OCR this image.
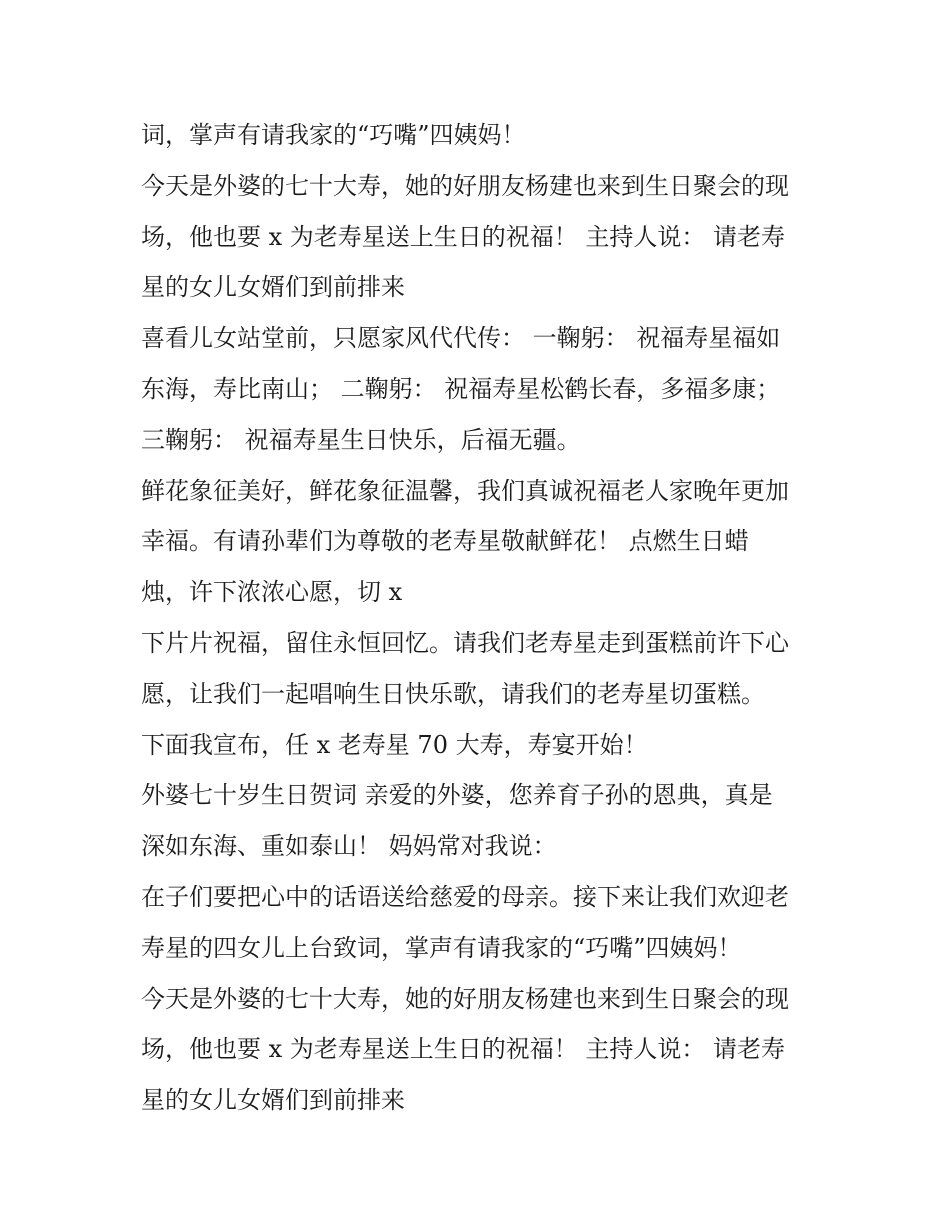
词，掌声有请我家的“巧嘴”四姨妈！
今天是外婆的七十大寿，她的好朋友杨建也来到生日聚会的现
场，他也要 x 为老寿星送上生日的祝福！ 主持人说： 请老寿
星的女儿女婿们到前排来
喜看儿女站堂前，只愿家风代代传： 一鞠躬： 祝福寿星福如
东海，寿比南山； 二鞠躬： 祝福寿星松鹤长春，多福多康；
三鞠躬： 祝福寿星生日快乐，后福无疆。
鲜花象征美好，鲜花象征温馨，我们真诚祝福老人家晚年更加
幸福。有请孙辈们为尊敬的老寿星敬献鲜花！ 点燃生日蜡
烛，许下浓浓心愿，切 x
下片片祝福，留住永恒回忆。请我们老寿星走到蛋糕前许下心
愿，让我们一起唱响生日快乐歌，请我们的老寿星切蛋糕。
下面我宣布，任 x 老寿星 70 大寿，寿宴开始！
外婆七十岁生日贺词 亲爱的外婆，您养育子孙的恩典，真是
深如东海、重如泰山！ 妈妈常对我说：
在子们要把心中的话语送给慈爱的母亲。接下来让我们欢迎老
寿星的四女儿上台致词，掌声有请我家的“巧嘴”四姨妈！
今天是外婆的七十大寿，她的好朋友杨建也来到生日聚会的现
场，他也要 x 为老寿星送上生日的祝福！ 主持人说： 请老寿
星的女儿女婿们到前排来
